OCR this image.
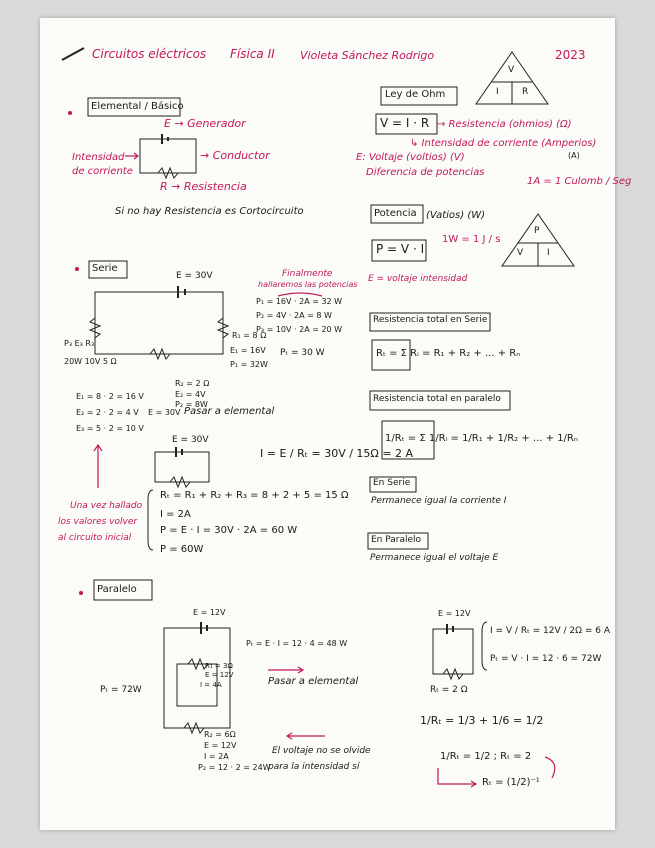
Circuitos eléctricos Física II Violeta Sánchez Rodrigo	2023
V
I	R
Elemental / Básico
E → Generador
→ Conductor
Intensidad
de corriente
R → Resistencia
Si no hay Resistencia es Cortocircuito
Ley de Ohm
V = I · R → Resistencia (ohmios) (Ω)
↳ Intensidad de corriente (Amperios)
(A)
E: Voltaje (voltios) (V)
Diferencia de potencias
1A = 1 Culomb / Seg
Potencia (Vatios) (W)
1W = 1 J / s
P = V · I
E = voltaje intensidad
P
V	I
Serie
E = 30V	Finalmente
hallaremos las potencias
P₁ = 16V · 2A = 32 W
P₂ = 4V · 2A = 8 W
P₃ = 10V · 2A = 20 W
Pₜ = 30 W
R₁ = 8 Ω
E₁ = 16V
P₁ = 32W
P₃ E₃ R₃
20W 10V 5 Ω
R₂ = 2 Ω
E₂ = 4V
P₂ = 8W
E₁ = 8 · 2 = 16 V
E₂ = 2 · 2 = 4 V
E₃ = 5 · 2 = 10 V
E = 30V Pasar a elemental
E = 30V
I = E / Rₜ = 30V / 15Ω = 2 A
Rₜ = R₁ + R₂ + R₃ = 8 + 2 + 5 = 15 Ω
I = 2A
P = E · I = 30V · 2A = 60 W
P = 60W
Una vez hallado
los valores volver
al circuito inicial
Resistencia total en Serie
Rₜ = Σ Rᵢ = R₁ + R₂ + ... + Rₙ
Resistencia total en paralelo
1/Rₜ = Σ 1/Rᵢ = 1/R₁ + 1/R₂ + ... + 1/Rₙ
En Serie
Permanece igual la corriente I
En Paralelo
Permanece igual el voltaje E
Paralelo
E = 12V
Pₜ = E · I = 12 · 4 = 48 W
R₁ = 3Ω
E = 12V
I = 4A
Pₜ = 72W
Pasar a elemental
R₂ = 6Ω
E = 12V
I = 2A
P₂ = 12 · 2 = 24W
El voltaje no se olvide
para la intensidad sí
E = 12V
I = V / Rₜ = 12V / 2Ω = 6 A
Pₜ = V · I = 12 · 6 = 72W
Rₜ = 2 Ω
1/Rₜ = 1/3 + 1/6 = 1/2
1/Rₜ = 1/2 ; Rₜ = 2
Rₜ = (1/2)⁻¹
